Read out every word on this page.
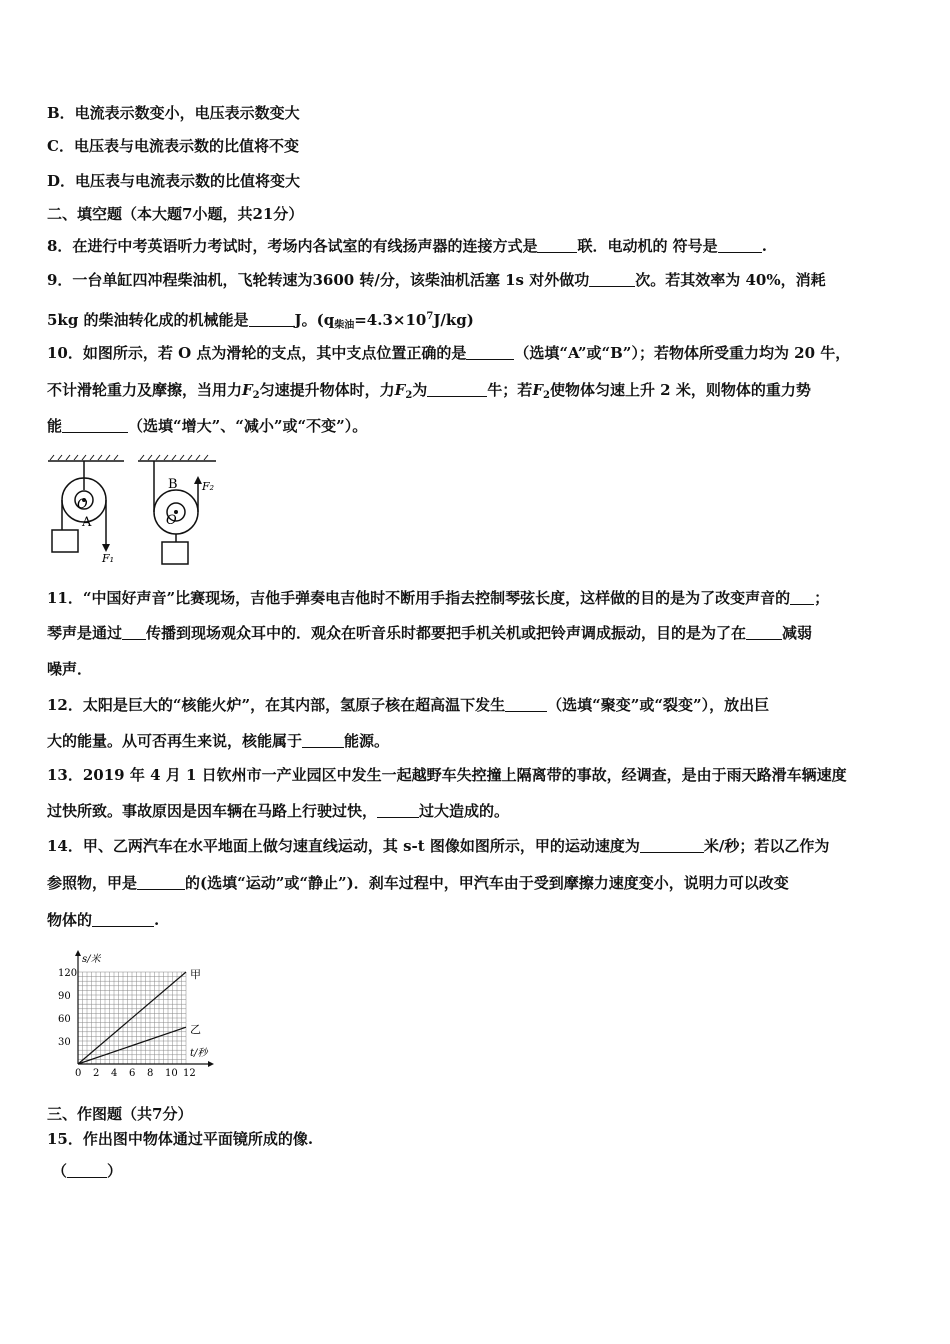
B．电流表示数变小，电压表示数变大
C．电压表与电流表示数的比值将不变
D．电压表与电流表示数的比值将变大
二、填空题（本大题7小题，共21分）
8．在进行中考英语听力考试时，考场内各试室的有线扬声器的连接方式是	联．电动机的 符号是	.
9．一台单缸四冲程柴油机，飞轮转速为3600 转/分，该柴油机活塞 1s 对外做功	次。若其效率为 40%，消耗
5kg 的柴油转化成的机械能是	J。$(q_{柴油}=4.3\times 10^7J/kg)$
10．如图所示，若 O 点为滑轮的支点，其中支点位置正确的是	（选填“A”或“B”）；若物体所受重力均为 20 牛，
不计滑轮重力及摩擦，当用力$F_2$匀速提升物体时，力$F_2$为	牛；若$F_2$使物体匀速上升 2 米，则物体的重力势
能	（选填“增大”、“减小”或“不变”）。
O
A
F₁
B
O
F₂
11．“中国好声音”比赛现场，吉他手弹奏电吉他时不断用手指去控制琴弦长度，这样做的目的是为了改变声音的 ；
琴声是通过 传播到现场观众耳中的．观众在听音乐时都要把手机关机或把铃声调成振动，目的是为了在 减弱
噪声．
12．太阳是巨大的“核能火炉”，在其内部，氢原子核在超高温下发生	（选填“聚变”或“裂变”），放出巨
大的能量。从可否再生来说，核能属于	能源。
13．2019 年 4 月 1 日钦州市一产业园区中发生一起越野车失控撞上隔离带的事故，经调查，是由于雨天路滑车辆速度
过快所致。事故原因是因车辆在马路上行驶过快，	过大造成的。
14．甲、乙两汽车在水平地面上做匀速直线运动，其 s-t 图像如图所示，甲的运动速度为	米/秒；若以乙作为
参照物，甲是	的(选填“运动”或“静止”)．刹车过程中，甲汽车由于受到摩擦力速度变小，说明力可以改变
物体的	.
0 2 4 6 8 10 12
30
60
90
120
s/米
t/秒
甲
乙
三、作图题（共7分）
15．作出图中物体通过平面镜所成的像.
（	）
